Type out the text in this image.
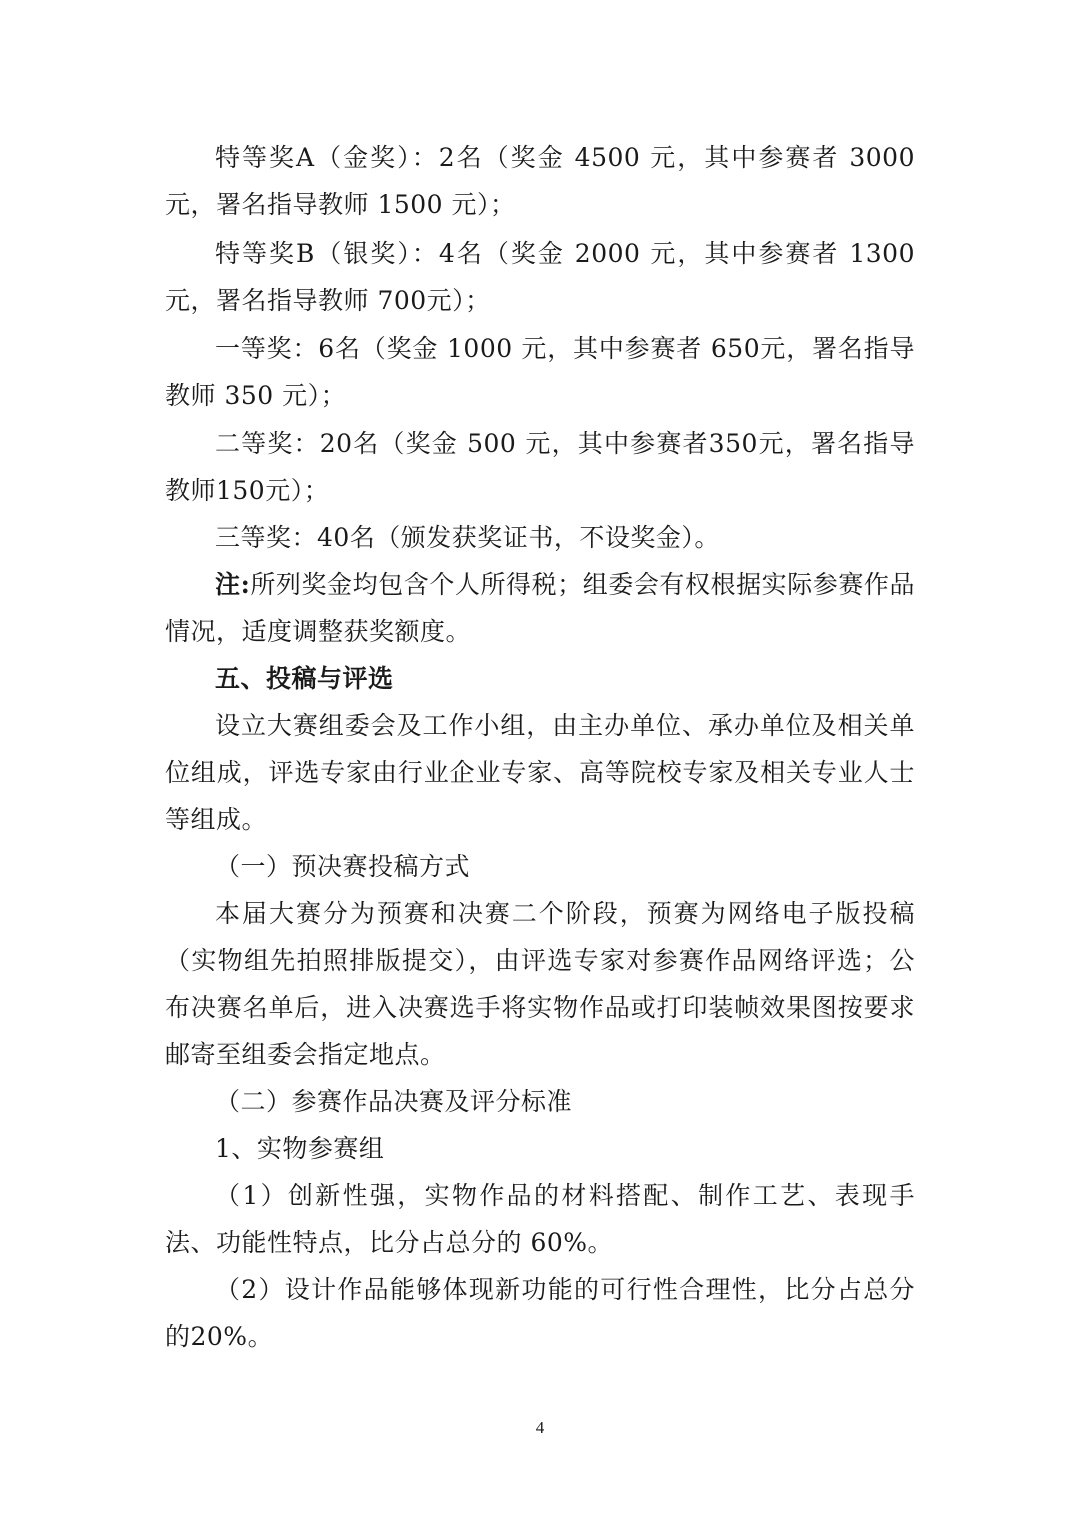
特等奖A（金奖）：2名（奖金 4500 元，其中参赛者 3000元，署名指导教师 1500 元）；

特等奖B（银奖）：4名（奖金 2000 元，其中参赛者 1300元，署名指导教师 700元）；

一等奖：6名（奖金 1000 元，其中参赛者 650元，署名指导教师 350 元）；

二等奖：20名（奖金 500 元，其中参赛者350元，署名指导教师150元）；

三等奖：40名（颁发获奖证书，不设奖金）。

注:所列奖金均包含个人所得税；组委会有权根据实际参赛作品情况，适度调整获奖额度。

五、投稿与评选

设立大赛组委会及工作小组，由主办单位、承办单位及相关单位组成，评选专家由行业企业专家、高等院校专家及相关专业人士等组成。

（一）预决赛投稿方式

本届大赛分为预赛和决赛二个阶段，预赛为网络电子版投稿（实物组先拍照排版提交），由评选专家对参赛作品网络评选；公布决赛名单后，进入决赛选手将实物作品或打印装帧效果图按要求邮寄至组委会指定地点。

（二）参赛作品决赛及评分标准

1、实物参赛组

（1）创新性强，实物作品的材料搭配、制作工艺、表现手法、功能性特点，比分占总分的 60%。

（2）设计作品能够体现新功能的可行性合理性，比分占总分的20%。

4
